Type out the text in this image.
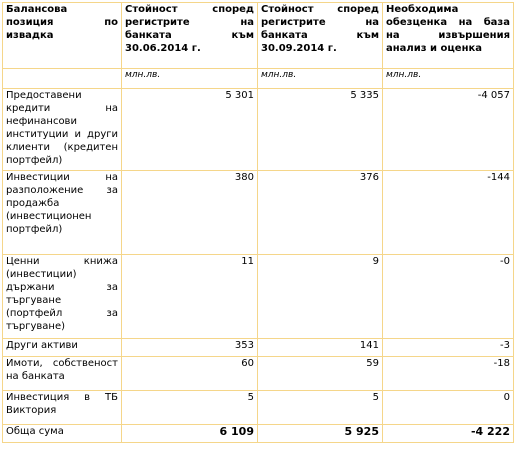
Балансова позиция по извадка	Стойност според регистрите на банката към 30.06.2014 г.	Стойност според регистрите на банката към 30.09.2014 г.	Необходима обезценка на база на извършения анализ и оценка
	млн.лв.	млн.лв.	млн.лв.
Предоставени кредити на нефинансови институции и други клиенти (кредитен портфейл)	5 301	5 335	-4 057
Инвестиции на разположение за продажба (инвестиционен портфейл)	380	376	-144
Ценни книжа (инвестиции) държани за търгуване (портфейл за търгуване)	11	9	-0
Други активи	353	141	-3
Имоти, собственост на банката	60	59	-18
Инвестиция в ТБ Виктория	5	5	0
Обща сума	6 109	5 925	-4 222
